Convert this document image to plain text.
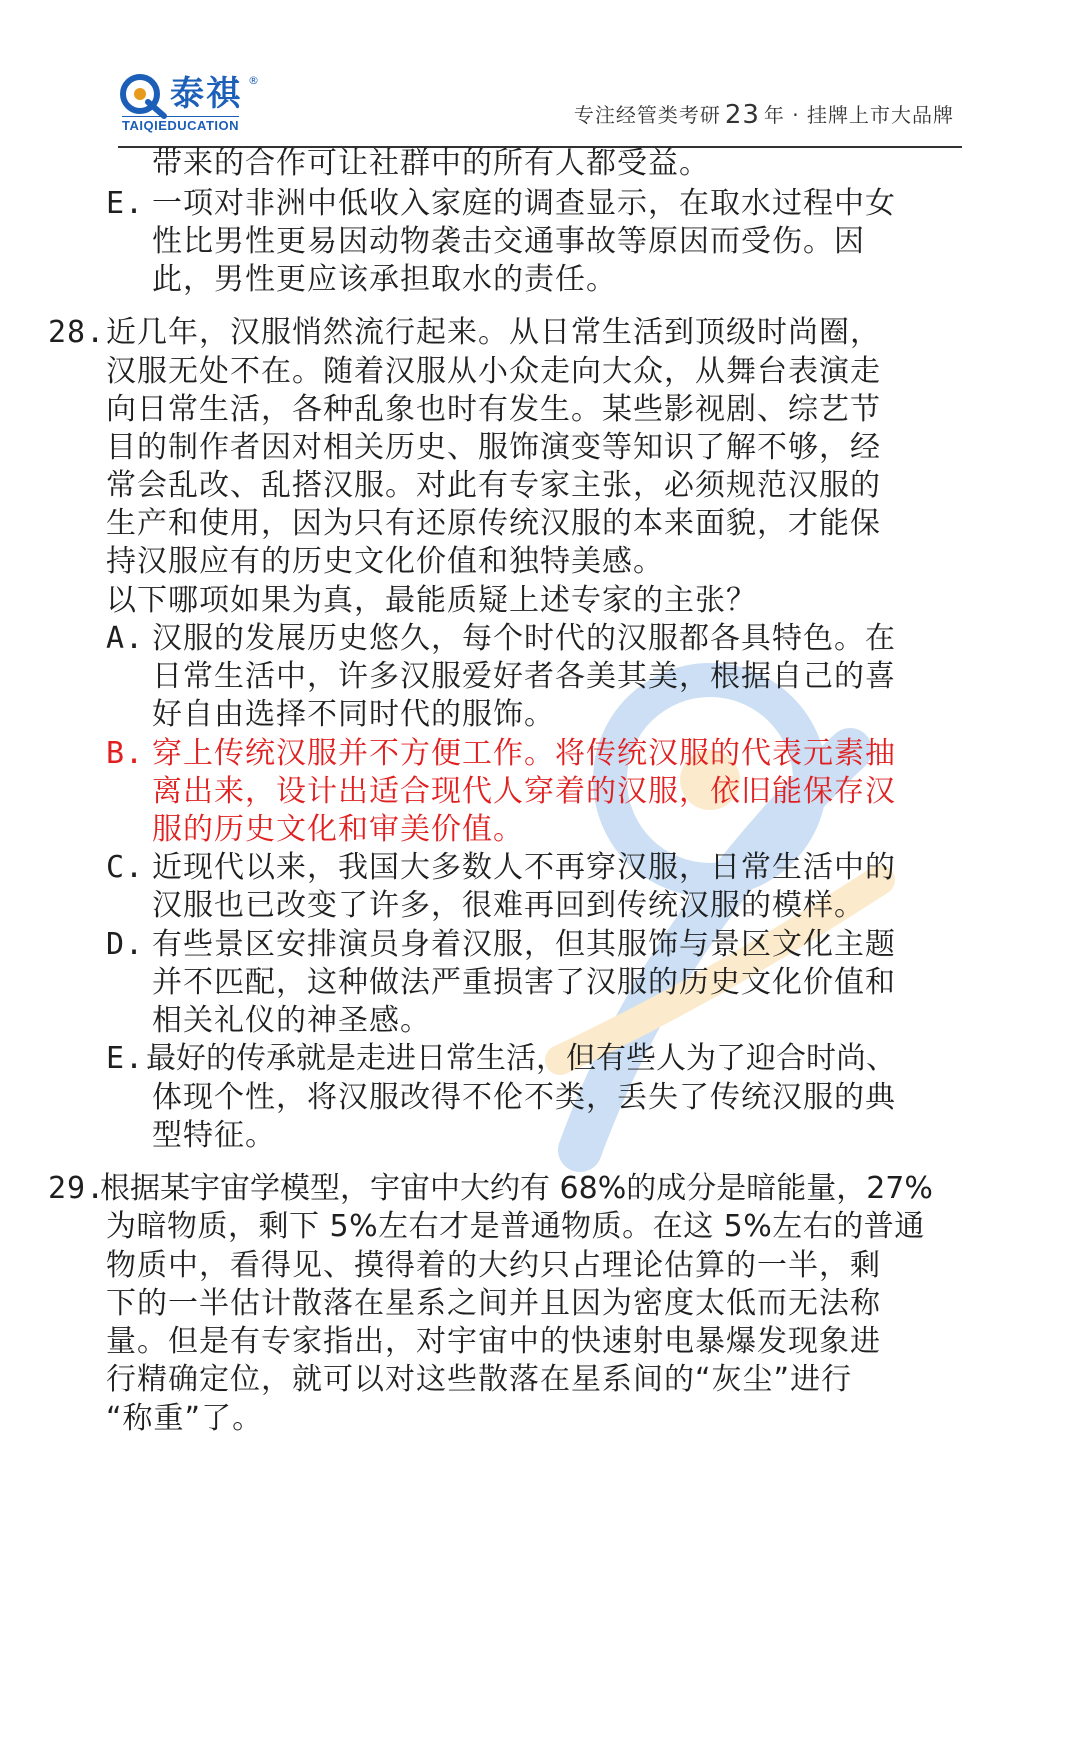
泰祺 ®
TAIQIEDUCATION	专注经管类考研 23 年 · 挂牌上市大品牌
带来的合作可让社群中的所有人都受益。
E. 一项对非洲中低收入家庭的调查显示，在取水过程中女
性比男性更易因动物袭击交通事故等原因而受伤。因
此，男性更应该承担取水的责任。
28. 近几年，汉服悄然流行起来。从日常生活到顶级时尚圈，
汉服无处不在。随着汉服从小众走向大众，从舞台表演走
向日常生活，各种乱象也时有发生。某些影视剧、综艺节
目的制作者因对相关历史、服饰演变等知识了解不够，经
常会乱改、乱搭汉服。对此有专家主张，必须规范汉服的
生产和使用，因为只有还原传统汉服的本来面貌，才能保
持汉服应有的历史文化价值和独特美感。
以下哪项如果为真，最能质疑上述专家的主张？
A. 汉服的发展历史悠久，每个时代的汉服都各具特色。在
日常生活中，许多汉服爱好者各美其美，根据自己的喜
好自由选择不同时代的服饰。
B. 穿上传统汉服并不方便工作。将传统汉服的代表元素抽
离出来，设计出适合现代人穿着的汉服，依旧能保存汉
服的历史文化和审美价值。
C. 近现代以来，我国大多数人不再穿汉服，日常生活中的
汉服也已改变了许多，很难再回到传统汉服的模样。
D. 有些景区安排演员身着汉服，但其服饰与景区文化主题
并不匹配，这种做法严重损害了汉服的历史文化价值和
相关礼仪的神圣感。
E. 最好的传承就是走进日常生活，但有些人为了迎合时尚、
体现个性，将汉服改得不伦不类，丢失了传统汉服的典
型特征。
29.
根据某宇宙学模型，宇宙中大约有 68%的成分是暗能量，27%
为暗物质，剩下 5%左右才是普通物质。在这 5%左右的普通
物质中，看得见、摸得着的大约只占理论估算的一半，剩
下的一半估计散落在星系之间并且因为密度太低而无法称
量。但是有专家指出，对宇宙中的快速射电暴爆发现象进
行精确定位，就可以对这些散落在星系间的“灰尘”进行
“称重”了。
